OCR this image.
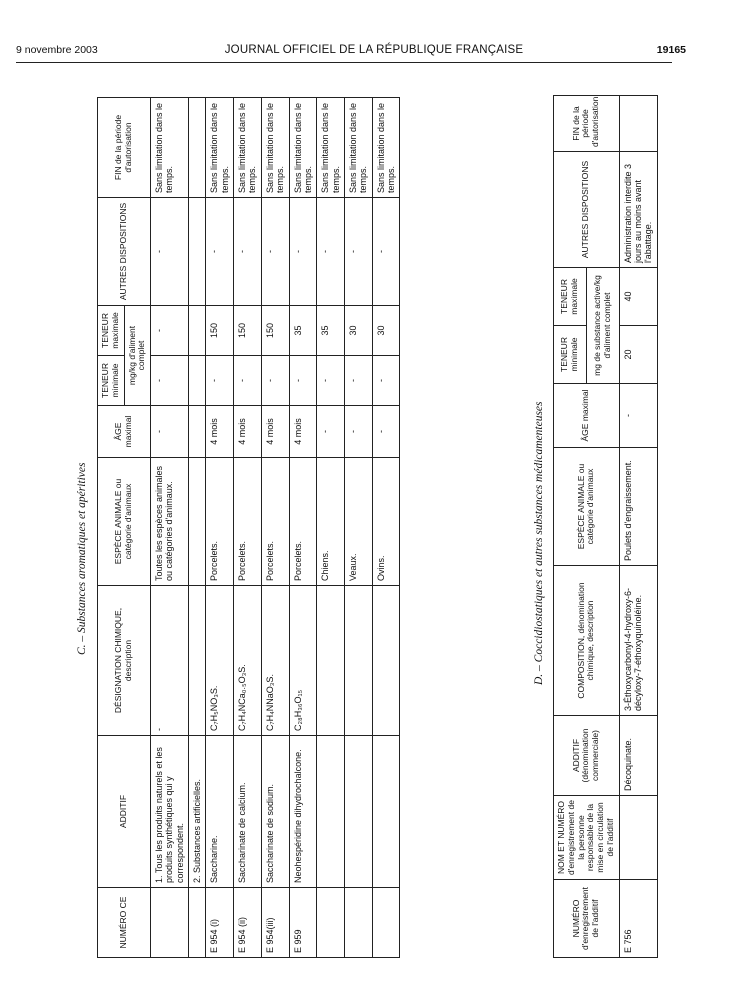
9 novembre 2003	JOURNAL OFFICIEL DE LA RÉPUBLIQUE FRANÇAISE	19165
C. – Substances aromatiques et apéritives
NUMÉRO CE	ADDITIF	DÉSIGNATION CHIMIQUE, description	ESPÈCE ANIMALE ou catégorie d'animaux	ÂGE maximal	TENEUR minimale	TENEUR maximale	AUTRES DISPOSITIONS	FIN de la période d'autorisation
					mg/kg d'aliment complet			
	1. Tous les produits naturels et les produits synthétiques qui y correspondent.	-	Toutes les espèces animales ou catégories d'animaux.	-	-	-	-	Sans limitation dans le temps.
	2. Substances artificielles.							
E 954 (i)	Saccharine.	C₇H₅NO₃S.	Porcelets.	4 mois	-	150	-	Sans limitation dans le temps.
E 954 (ii)	Saccharinate de calcium.	C₇H₄NCa₀.₅O₃S.	Porcelets.	4 mois	-	150	-	Sans limitation dans le temps.
E 954(iii)	Saccharinate de sodium.	C₇H₄NNaO₃S.	Porcelets.	4 mois	-	150	-	Sans limitation dans le temps.
E 959	Neohespéridine dihydrochalcone.	C₂₈H₃₆O₁₅	Porcelets.	4 mois	-	35	-	Sans limitation dans le temps.
			Chiens.	-	-	35	-	Sans limitation dans le temps.
			Veaux.	-	-	30	-	Sans limitation dans le temps.
			Ovins.	-	-	30	-	Sans limitation dans le temps.
D. – Coccidiostatiques et autres substances médicamenteuses
NUMÉRO d'enregistrement de l'additif	NOM ET NUMÉRO d'enregistrement de la personne responsable de la mise en circulation de l'additif	ADDITIF (dénomination commerciale)	COMPOSITION, dénomination chimique, description	ESPÈCE ANIMALE ou catégorie d'animaux	ÂGE maximal	TENEUR minimale	TENEUR maximale	AUTRES DISPOSITIONS	FIN de la période d'autorisation
						mg de substance active/kg d'aliment complet			
E 756		Décoquinate.	3-Éthoxycarbonyl-4-hydroxy-6-décyloxy-7-éthoxyquinoléine.	Poulets d'engraissement.	-	20	40	Administration interdite 3 jours au moins avant l'abattage.	
